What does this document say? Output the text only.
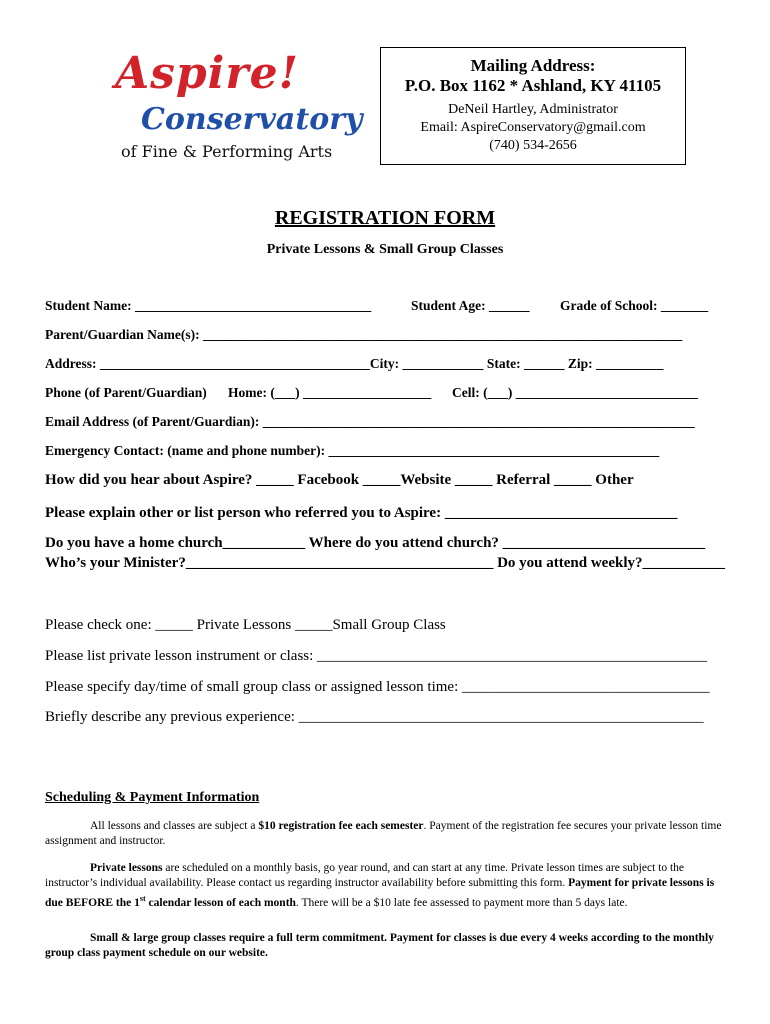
Aspire!
Conservatory
of Fine & Performing Arts
Mailing Address:
P.O. Box 1162 * Ashland, KY 41105
DeNeil Hartley, Administrator
Email: AspireConservatory@gmail.com
(740) 534-2656
REGISTRATION FORM
Private Lessons & Small Group Classes
Student Name: ___________________________________	Student Age: ______ Grade of School: _______
Parent/Guardian Name(s): _______________________________________________________________________
Address: ________________________________________City: ____________ State: ______ Zip: __________
Phone (of Parent/Guardian) Home: (___) ___________________ Cell: (___) ___________________________
Email Address (of Parent/Guardian): ________________________________________________________________
Emergency Contact: (name and phone number): _________________________________________________
How did you hear about Aspire? _____ Facebook _____Website _____ Referral _____ Other
Please explain other or list person who referred you to Aspire: _______________________________
Do you have a home church___________ Where do you attend church? ___________________________
Who’s your Minister?_________________________________________ Do you attend weekly?___________
Please check one: _____ Private Lessons _____Small Group Class
Please list private lesson instrument or class: ____________________________________________________
Please specify day/time of small group class or assigned lesson time: _________________________________
Briefly describe any previous experience: ______________________________________________________
Scheduling & Payment Information
All lessons and classes are subject a $10 registration fee each semester. Payment of the registration fee secures your private lesson time assignment and instructor.
Private lessons are scheduled on a monthly basis, go year round, and can start at any time. Private lesson times are subject to the instructor’s individual availability. Please contact us regarding instructor availability before submitting this form. Payment for private lessons is due BEFORE the 1st calendar lesson of each month. There will be a $10 late fee assessed to payment more than 5 days late.
Small & large group classes require a full term commitment. Payment for classes is due every 4 weeks according to the monthly group class payment schedule on our website.
